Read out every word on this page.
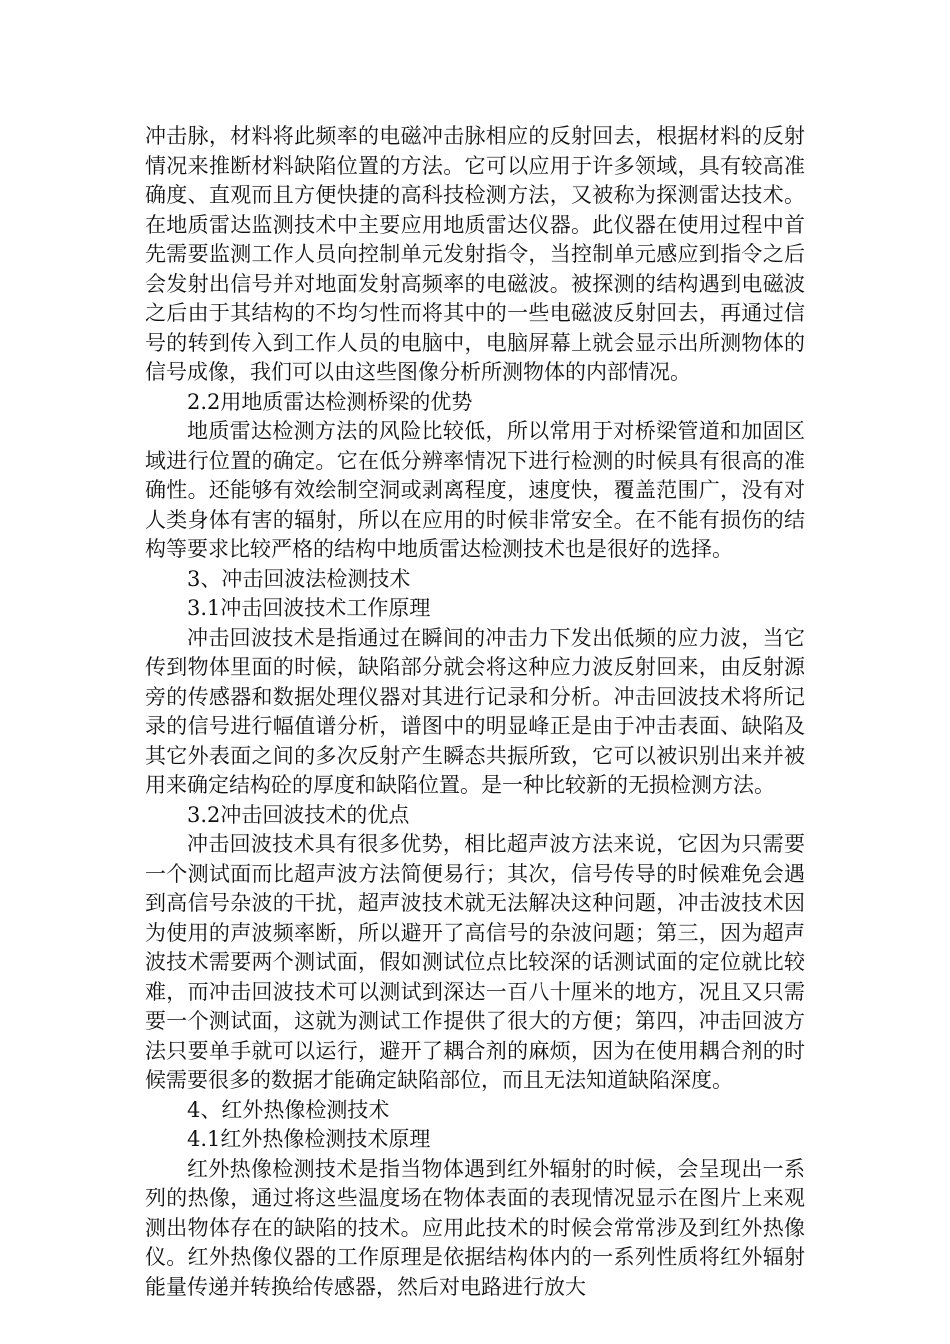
冲击脉，材料将此频率的电磁冲击脉相应的反射回去，根据材料的反射情况来推断材料缺陷位置的方法。它可以应用于许多领域，具有较高准确度、直观而且方便快捷的高科技检测方法，又被称为探测雷达技术。在地质雷达监测技术中主要应用地质雷达仪器。此仪器在使用过程中首先需要监测工作人员向控制单元发射指令，当控制单元感应到指令之后会发射出信号并对地面发射高频率的电磁波。被探测的结构遇到电磁波之后由于其结构的不均匀性而将其中的一些电磁波反射回去，再通过信号的转到传入到工作人员的电脑中，电脑屏幕上就会显示出所测物体的信号成像，我们可以由这些图像分析所测物体的内部情况。

2.2用地质雷达检测桥梁的优势

地质雷达检测方法的风险比较低，所以常用于对桥梁管道和加固区域进行位置的确定。它在低分辨率情况下进行检测的时候具有很高的准确性。还能够有效绘制空洞或剥离程度，速度快，覆盖范围广，没有对人类身体有害的辐射，所以在应用的时候非常安全。在不能有损伤的结构等要求比较严格的结构中地质雷达检测技术也是很好的选择。

3、冲击回波法检测技术

3.1冲击回波技术工作原理

冲击回波技术是指通过在瞬间的冲击力下发出低频的应力波，当它传到物体里面的时候，缺陷部分就会将这种应力波反射回来，由反射源旁的传感器和数据处理仪器对其进行记录和分析。冲击回波技术将所记录的信号进行幅值谱分析，谱图中的明显峰正是由于冲击表面、缺陷及其它外表面之间的多次反射产生瞬态共振所致，它可以被识别出来并被用来确定结构砼的厚度和缺陷位置。是一种比较新的无损检测方法。

3.2冲击回波技术的优点

冲击回波技术具有很多优势，相比超声波方法来说，它因为只需要一个测试面而比超声波方法简便易行；其次，信号传导的时候难免会遇到高信号杂波的干扰，超声波技术就无法解决这种问题，冲击波技术因为使用的声波频率断，所以避开了高信号的杂波问题；第三，因为超声波技术需要两个测试面，假如测试位点比较深的话测试面的定位就比较难，而冲击回波技术可以测试到深达一百八十厘米的地方，况且又只需要一个测试面，这就为测试工作提供了很大的方便；第四，冲击回波方法只要单手就可以运行，避开了耦合剂的麻烦，因为在使用耦合剂的时候需要很多的数据才能确定缺陷部位，而且无法知道缺陷深度。

4、红外热像检测技术

4.1红外热像检测技术原理

红外热像检测技术是指当物体遇到红外辐射的时候，会呈现出一系列的热像，通过将这些温度场在物体表面的表现情况显示在图片上来观测出物体存在的缺陷的技术。应用此技术的时候会常常涉及到红外热像仪。红外热像仪器的工作原理是依据结构体内的一系列性质将红外辐射能量传递并转换给传感器，然后对电路进行放大
